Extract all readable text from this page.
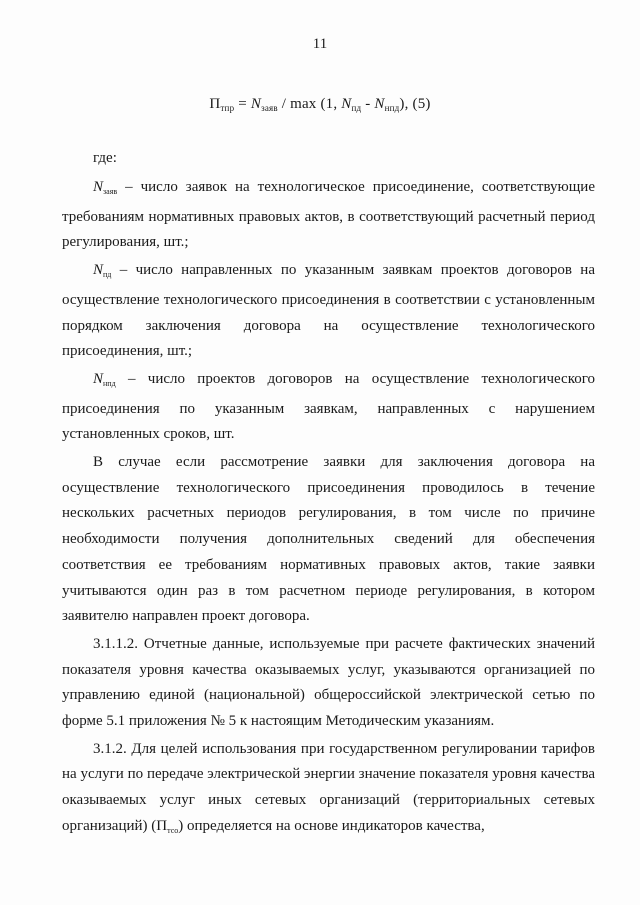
11
$П_{тпр} = N_{заяв} / \max (1$, $N_{пд} - N_{нпд}$), (5)
где:

$N_{заяв}$ – число заявок на технологическое присоединение, соответствующие требованиям нормативных правовых актов, в соответствующий расчетный период регулирования, шт.;

$N_{пд}$ – число направленных по указанным заявкам проектов договоров на осуществление технологического присоединения в соответствии с установленным порядком заключения договора на осуществление технологического присоединения, шт.;

$N_{нпд}$ – число проектов договоров на осуществление технологического присоединения по указанным заявкам, направленных с нарушением установленных сроков, шт.

В случае если рассмотрение заявки для заключения договора на осуществление технологического присоединения проводилось в течение нескольких расчетных периодов регулирования, в том числе по причине необходимости получения дополнительных сведений для обеспечения соответствия ее требованиям нормативных правовых актов, такие заявки учитываются один раз в том расчетном периоде регулирования, в котором заявителю направлен проект договора.

3.1.1.2. Отчетные данные, используемые при расчете фактических значений показателя уровня качества оказываемых услуг, указываются организацией по управлению единой (национальной) общероссийской электрической сетью по форме 5.1 приложения № 5 к настоящим Методическим указаниям.

3.1.2. Для целей использования при государственном регулировании тарифов на услуги по передаче электрической энергии значение показателя уровня качества оказываемых услуг иных сетевых организаций (территориальных сетевых организаций) $(П_{тсо})$ определяется на основе индикаторов качества,
